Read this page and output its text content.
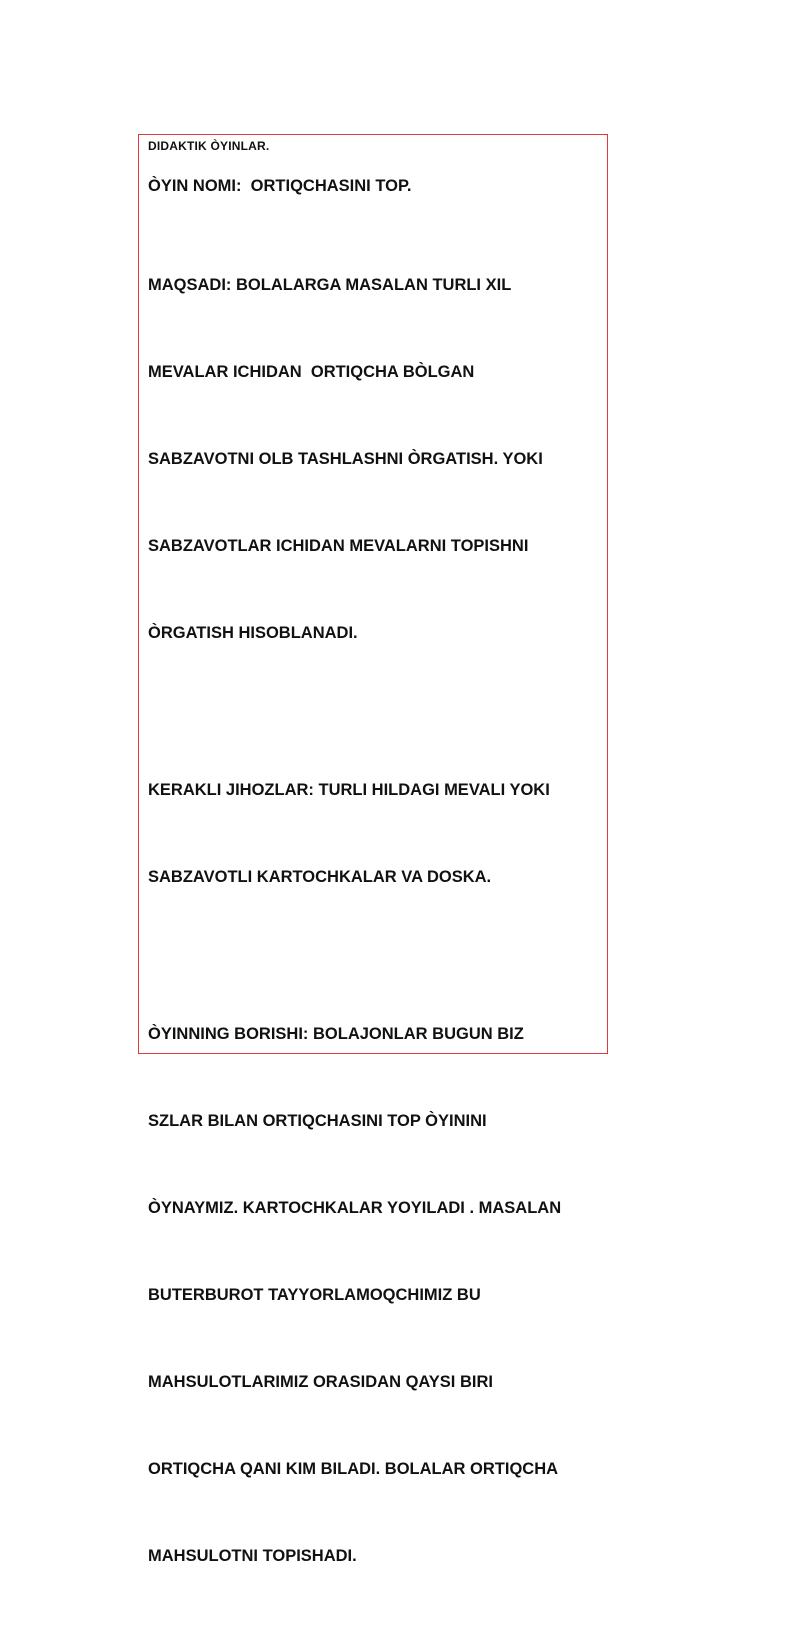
DIDAKTIK ÒYINLAR.

ÒYIN NOMI:  ORTIQCHASINI TOP.

MAQSADI: BOLALARGA MASALAN TURLI XIL

MEVALAR ICHIDAN  ORTIQCHA BÒLGAN

SABZAVOTNI OLB TASHLASHNI ÒRGATISH. YOKI

SABZAVOTLAR ICHIDAN MEVALARNI TOPISHNI

ÒRGATISH HISOBLANADI.

KERAKLI JIHOZLAR: TURLI HILDAGI MEVALI YOKI

SABZAVOTLI KARTOCHKALAR VA DOSKA.

ÒYINNING BORISHI: BOLAJONLAR BUGUN BIZ

SZLAR BILAN ORTIQCHASINI TOP ÒYININI

ÒYNAYMIZ. KARTOCHKALAR YOYILADI . MASALAN

BUTERBUROT TAYYORLAMOQCHIMIZ BU

MAHSULOTLARIMIZ ORASIDAN QAYSI BIRI

ORTIQCHA QANI KIM BILADI. BOLALAR ORTIQCHA

MAHSULOTNI TOPISHADI.
